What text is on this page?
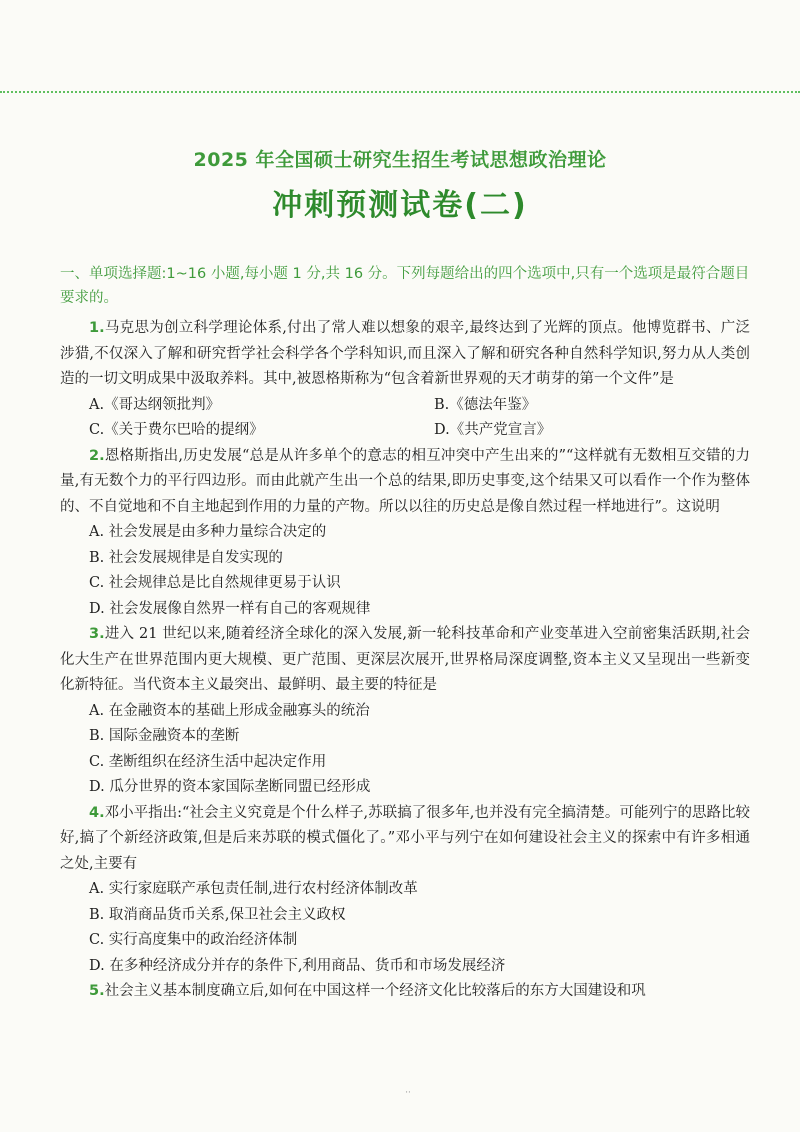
2025 年全国硕士研究生招生考试思想政治理论
冲刺预测试卷(二)
一、单项选择题:1~16 小题,每小题 1 分,共 16 分。下列每题给出的四个选项中,只有一个选项是最符合题目要求的。

1.马克思为创立科学理论体系,付出了常人难以想象的艰辛,最终达到了光辉的顶点。他博览群书、广泛涉猎,不仅深入了解和研究哲学社会科学各个学科知识,而且深入了解和研究各种自然科学知识,努力从人类创造的一切文明成果中汲取养料。其中,被恩格斯称为“包含着新世界观的天才萌芽的第一个文件”是

A.《哥达纲领批判》	B.《德法年鉴》
C.《关于费尔巴哈的提纲》	D.《共产党宣言》

2.恩格斯指出,历史发展“总是从许多单个的意志的相互冲突中产生出来的”“这样就有无数相互交错的力量,有无数个力的平行四边形。而由此就产生出一个总的结果,即历史事变,这个结果又可以看作一个作为整体的、不自觉地和不自主地起到作用的力量的产物。所以以往的历史总是像自然过程一样地进行”。这说明

A. 社会发展是由多种力量综合决定的
B. 社会发展规律是自发实现的
C. 社会规律总是比自然规律更易于认识
D. 社会发展像自然界一样有自己的客观规律

3.进入 21 世纪以来,随着经济全球化的深入发展,新一轮科技革命和产业变革进入空前密集活跃期,社会化大生产在世界范围内更大规模、更广范围、更深层次展开,世界格局深度调整,资本主义又呈现出一些新变化新特征。当代资本主义最突出、最鲜明、最主要的特征是

A. 在金融资本的基础上形成金融寡头的统治
B. 国际金融资本的垄断
C. 垄断组织在经济生活中起决定作用
D. 瓜分世界的资本家国际垄断同盟已经形成

4.邓小平指出:“社会主义究竟是个什么样子,苏联搞了很多年,也并没有完全搞清楚。可能列宁的思路比较好,搞了个新经济政策,但是后来苏联的模式僵化了。”邓小平与列宁在如何建设社会主义的探索中有许多相通之处,主要有

A. 实行家庭联产承包责任制,进行农村经济体制改革
B. 取消商品货币关系,保卫社会主义政权
C. 实行高度集中的政治经济体制
D. 在多种经济成分并存的条件下,利用商品、货币和市场发展经济

5.社会主义基本制度确立后,如何在中国这样一个经济文化比较落后的东方大国建设和巩

··
